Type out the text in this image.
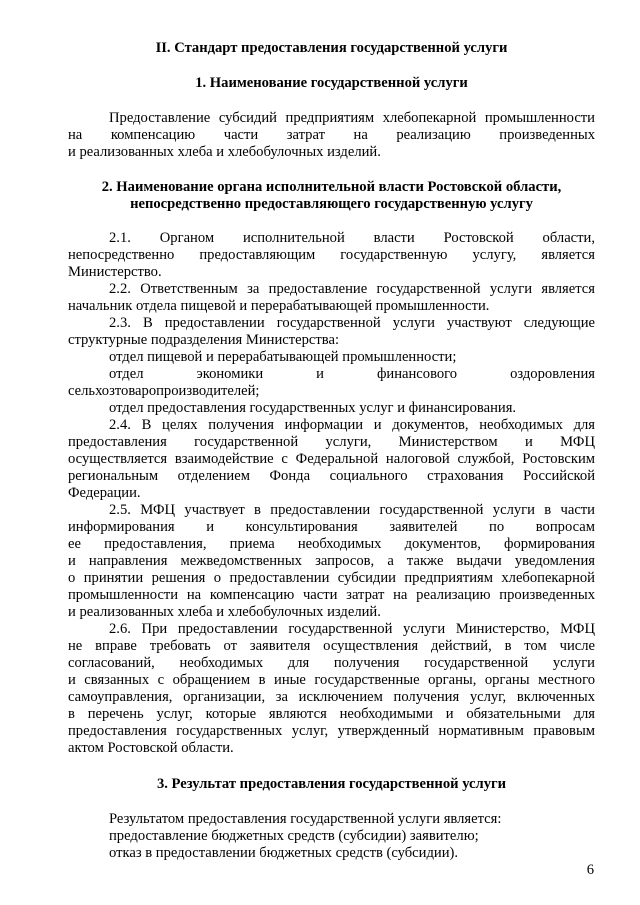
II. Стандарт предоставления государственной услуги
1. Наименование государственной услуги
Предоставление субсидий предприятиям хлебопекарной промышленности
на компенсацию части затрат на реализацию произведенных
и реализованных хлеба и хлебобулочных изделий.
2. Наименование органа исполнительной власти Ростовской области,
непосредственно предоставляющего государственную услугу
2.1. Органом исполнительной власти Ростовской области,
непосредственно предоставляющим государственную услугу, является
Министерство.
2.2. Ответственным за предоставление государственной услуги является
начальник отдела пищевой и перерабатывающей промышленности.
2.3. В предоставлении государственной услуги участвуют следующие
структурные подразделения Министерства:
отдел пищевой и перерабатывающей промышленности;
отдел экономики и финансового оздоровления
сельхозтоваропроизводителей;
отдел предоставления государственных услуг и финансирования.
2.4. В целях получения информации и документов, необходимых для
предоставления государственной услуги, Министерством и МФЦ
осуществляется взаимодействие с Федеральной налоговой службой, Ростовским
региональным отделением Фонда социального страхования Российской
Федерации.
2.5. МФЦ участвует в предоставлении государственной услуги в части
информирования и консультирования заявителей по вопросам
ее предоставления, приема необходимых документов, формирования
и направления межведомственных запросов, а также выдачи уведомления
о принятии решения о предоставлении субсидии предприятиям хлебопекарной
промышленности на компенсацию части затрат на реализацию произведенных
и реализованных хлеба и хлебобулочных изделий.
2.6. При предоставлении государственной услуги Министерство, МФЦ
не вправе требовать от заявителя осуществления действий, в том числе
согласований, необходимых для получения государственной услуги
и связанных с обращением в иные государственные органы, органы местного
самоуправления, организации, за исключением получения услуг, включенных
в перечень услуг, которые являются необходимыми и обязательными для
предоставления государственных услуг, утвержденный нормативным правовым
актом Ростовской области.
3. Результат предоставления государственной услуги
Результатом предоставления государственной услуги является:
предоставление бюджетных средств (субсидии) заявителю;
отказ в предоставлении бюджетных средств (субсидии).
6
